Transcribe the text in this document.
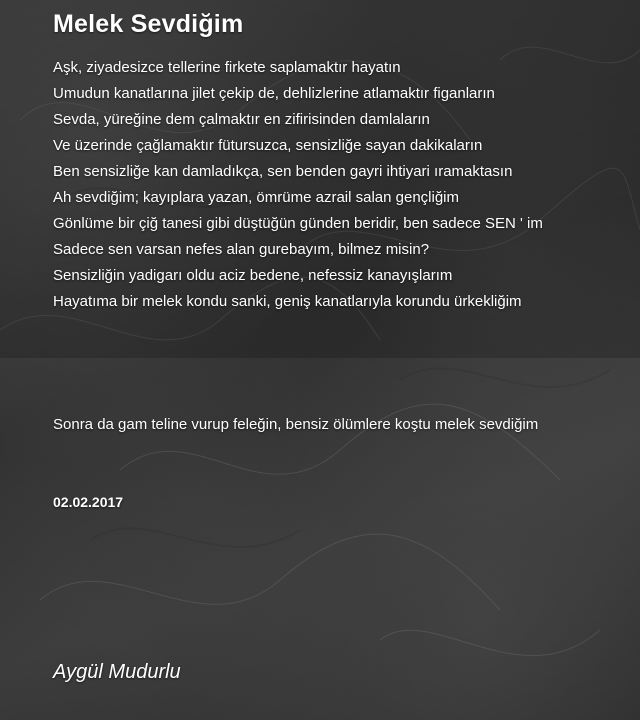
Melek Sevdiğim
Aşk, ziyadesizce tellerine firkete saplamaktır hayatın
Umudun kanatlarına jilet çekip de, dehlizlerine atlamaktır figanların
Sevda, yüreğine dem çalmaktır en zifirisinden damlaların
Ve üzerinde çağlamaktır fütursuzca, sensizliğe sayan dakikaların
Ben sensizliğe kan damladıkça, sen benden gayri ihtiyari ıramaktasın
Ah sevdiğim; kayıplara yazan, ömrüme azrail salan gençliğim
Gönlüme bir çiğ tanesi gibi düştüğün günden beridir, ben sadece SEN ' im
Sadece sen varsan nefes alan gurebayım, bilmez misin?
Sensizliğin yadigarı oldu aciz bedene, nefessiz kanayışlarım
Hayatıma bir melek kondu sanki, geniş kanatlarıyla korundu ürkekliğim
Sonra da gam teline vurup feleğin, bensiz ölümlere koştu melek sevdiğim
02.02.2017
Aygül Mudurlu
